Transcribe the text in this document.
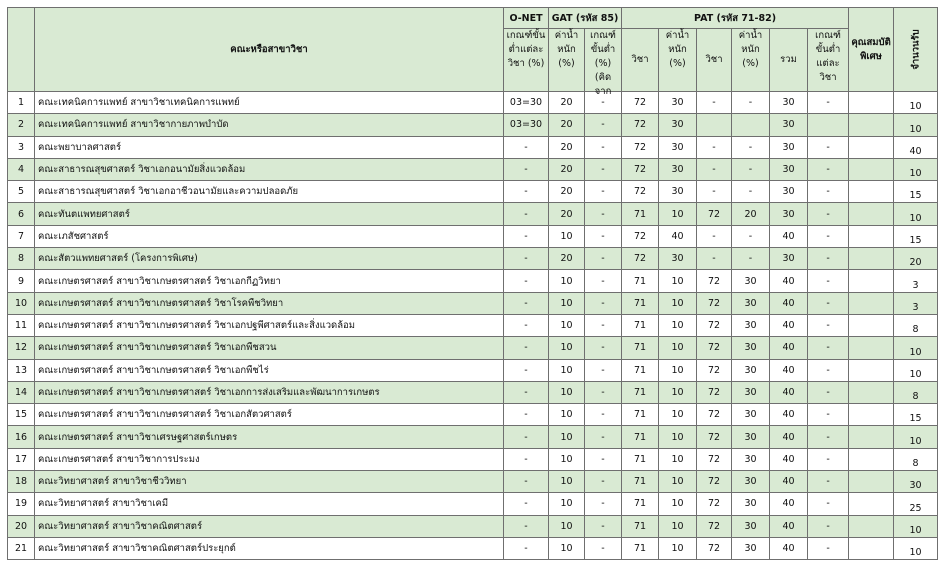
	คณะหรือสาขาวิชา	O-NET	GAT (รหัส 85)		PAT (รหัส 71-82)						คุณสมบัติพิเศษ	จำนวนรับ

		เกณฑ์ขั้นต่ำแต่ละวิชา (%)	ค่าน้ำหนัก (%)	เกณฑ์ขั้นต่ำ (%)(คิดจาก	วิชา	ค่าน้ำหนัก (%)	วิชา	ค่าน้ำหนัก (%)	รวม	เกณฑ์ขั้นต่ำแต่ละวิชา		

1	คณะเทคนิคการแพทย์ สาขาวิชาเทคนิคการแพทย์	03=30	20	-	72	30	-	-	30	-		10
2	คณะเทคนิคการแพทย์ สาขาวิชากายภาพบำบัด	03=30	20	-	72	30			30			10
3	คณะพยาบาลศาสตร์	-	20	-	72	30	-	-	30	-		40
4	คณะสาธารณสุขศาสตร์ วิชาเอกอนามัยสิ่งแวดล้อม	-	20	-	72	30	-	-	30	-		10
5	คณะสาธารณสุขศาสตร์ วิชาเอกอาชีวอนามัยและความปลอดภัย	-	20	-	72	30	-	-	30	-		15
6	คณะทันตแพทยศาสตร์	-	20	-	71	10	72	20	30	-		10
7	คณะเภสัชศาสตร์	-	10	-	72	40	-	-	40	-		15
8	คณะสัตวแพทยศาสตร์ (โครงการพิเศษ)	-	20	-	72	30	-	-	30	-		20
9	คณะเกษตรศาสตร์ สาขาวิชาเกษตรศาสตร์ วิชาเอกกีฏวิทยา	-	10	-	71	10	72	30	40	-		3
10	คณะเกษตรศาสตร์ สาขาวิชาเกษตรศาสตร์ วิชาโรคพืชวิทยา	-	10	-	71	10	72	30	40	-		3
11	คณะเกษตรศาสตร์ สาขาวิชาเกษตรศาสตร์ วิชาเอกปฐพีศาสตร์และสิ่งแวดล้อม	-	10	-	71	10	72	30	40	-		8
12	คณะเกษตรศาสตร์ สาขาวิชาเกษตรศาสตร์ วิชาเอกพืชสวน	-	10	-	71	10	72	30	40	-		10
13	คณะเกษตรศาสตร์ สาขาวิชาเกษตรศาสตร์ วิชาเอกพืชไร่	-	10	-	71	10	72	30	40	-		10
14	คณะเกษตรศาสตร์ สาขาวิชาเกษตรศาสตร์ วิชาเอกการส่งเสริมและพัฒนาการเกษตร	-	10	-	71	10	72	30	40	-		8
15	คณะเกษตรศาสตร์ สาขาวิชาเกษตรศาสตร์ วิชาเอกสัตวศาสตร์	-	10	-	71	10	72	30	40	-		15
16	คณะเกษตรศาสตร์ สาขาวิชาเศรษฐศาสตร์เกษตร	-	10	-	71	10	72	30	40	-		10
17	คณะเกษตรศาสตร์ สาขาวิชาการประมง	-	10	-	71	10	72	30	40	-		8
18	คณะวิทยาศาสตร์ สาขาวิชาชีววิทยา	-	10	-	71	10	72	30	40	-		30
19	คณะวิทยาศาสตร์ สาขาวิชาเคมี	-	10	-	71	10	72	30	40	-		25
20	คณะวิทยาศาสตร์ สาขาวิชาคณิตศาสตร์	-	10	-	71	10	72	30	40	-		10
21	คณะวิทยาศาสตร์ สาขาวิชาคณิตศาสตร์ประยุกต์	-	10	-	71	10	72	30	40	-		10
